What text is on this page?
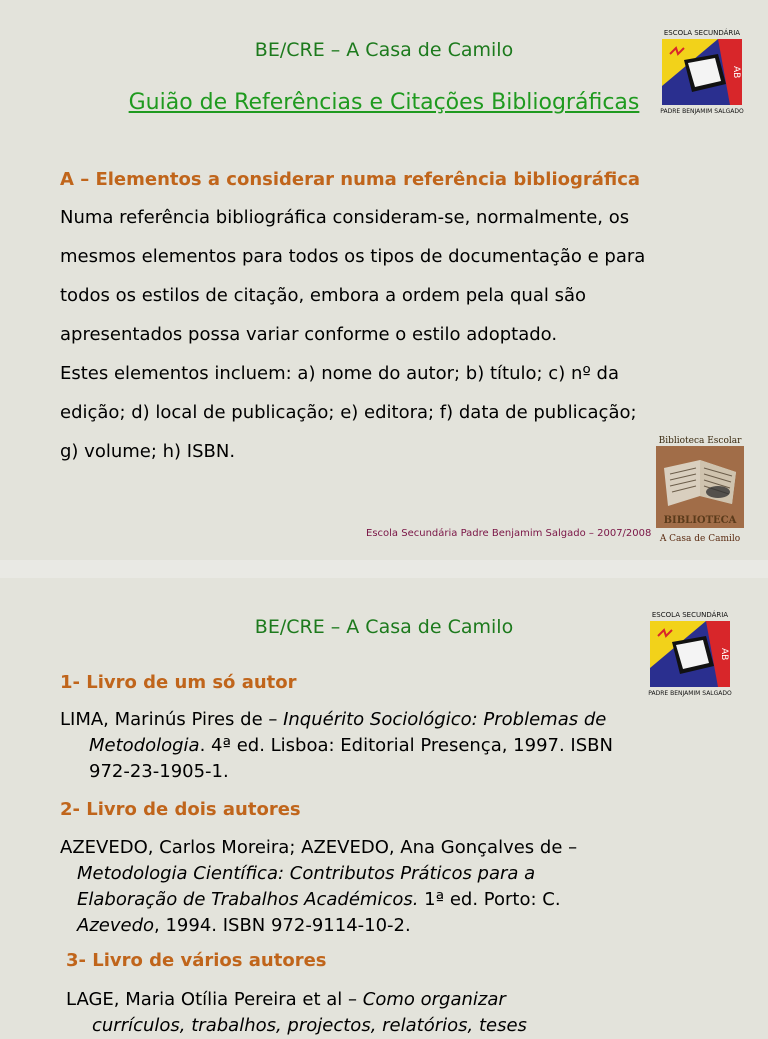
BE/CRE – A Casa de Camilo
Guião de Referências e Citações Bibliográficas
A – Elementos a considerar numa referência bibliográfica
Numa referência bibliográfica consideram-se, normalmente, os
mesmos elementos para todos os tipos de documentação e para
todos os estilos de citação, embora a ordem pela qual são
apresentados possa variar conforme o estilo adoptado.
Estes elementos incluem: a) nome do autor; b) título; c) nº da
edição; d) local de publicação; e) editora; f) data de publicação;
g) volume; h) ISBN.
ESCOLA SECUNDÁRIA
AB
PADRE BENJAMIM SALGADO
Biblioteca Escolar
BIBLIOTECA
A Casa de Camilo
Escola Secundária Padre Benjamim Salgado – 2007/2008
BE/CRE – A Casa de Camilo
ESCOLA SECUNDÁRIA
AB
PADRE BENJAMIM SALGADO
1- Livro de um só autor
LIMA, Marinús Pires de – Inquérito Sociológico: Problemas de
Metodologia. 4ª ed. Lisboa: Editorial Presença, 1997. ISBN
972-23-1905-1.
2- Livro de dois autores
AZEVEDO, Carlos Moreira; AZEVEDO, Ana Gonçalves de –
Metodologia Científica: Contributos Práticos para a
Elaboração de Trabalhos Académicos. 1ª ed. Porto: C.
Azevedo, 1994. ISBN 972-9114-10-2.
3- Livro de vários autores
LAGE, Maria Otília Pereira et al – Como organizar
currículos, trabalhos, projectos, relatórios, teses
